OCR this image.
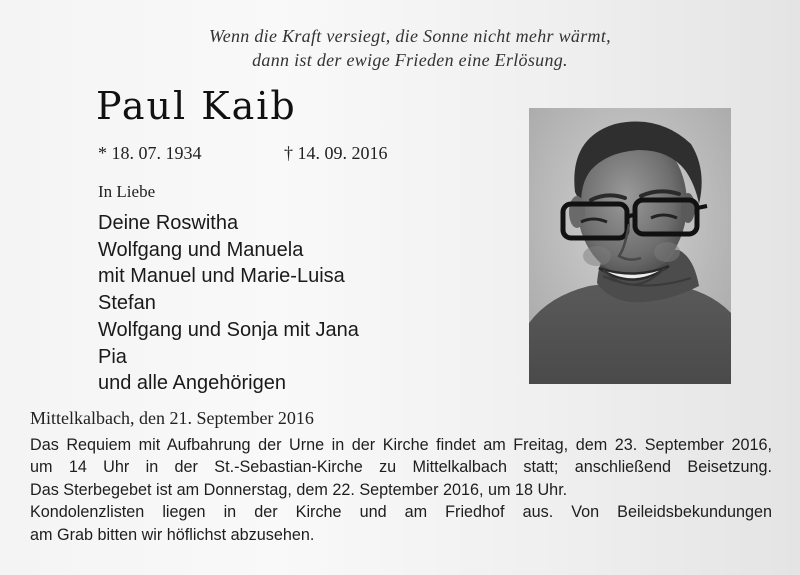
Wenn die Kraft versiegt, die Sonne nicht mehr wärmt,
dann ist der ewige Frieden eine Erlösung.
Paul Kaib
* 18. 07. 1934	† 14. 09. 2016
In Liebe
Deine Roswitha
Wolfgang und Manuela
mit Manuel und Marie-Luisa
Stefan
Wolfgang und Sonja mit Jana
Pia
und alle Angehörigen
Mittelkalbach, den 21. September 2016
Das Requiem mit Aufbahrung der Urne in der Kirche findet am Freitag, dem 23. September 2016,
um 14 Uhr in der St.-Sebastian-Kirche zu Mittelkalbach statt; anschließend Beisetzung.
Das Sterbegebet ist am Donnerstag, dem 22. September 2016, um 18 Uhr.
Kondolenzlisten liegen in der Kirche und am Friedhof aus. Von Beileidsbekundungen
am Grab bitten wir höflichst abzusehen.
